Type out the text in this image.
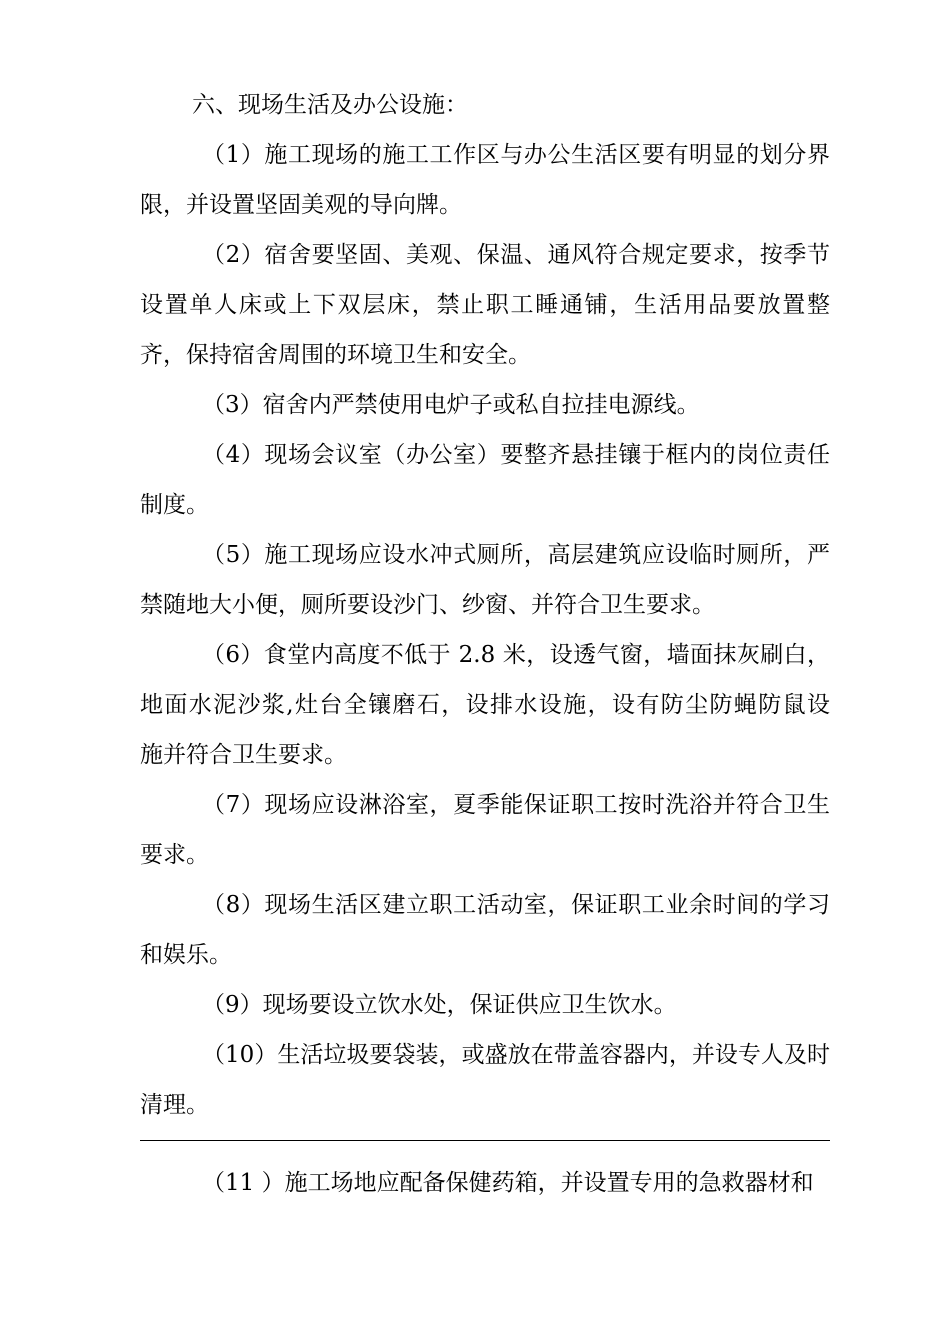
六、现场生活及办公设施：

（1）施工现场的施工工作区与办公生活区要有明显的划分界
限，并设置坚固美观的导向牌。

（2）宿舍要坚固、美观、保温、通风符合规定要求，按季节
设置单人床或上下双层床，禁止职工睡通铺，生活用品要放置整
齐，保持宿舍周围的环境卫生和安全。

（3）宿舍内严禁使用电炉子或私自拉挂电源线。

（4）现场会议室（办公室）要整齐悬挂镶于框内的岗位责任
制度。

（5）施工现场应设水冲式厕所，高层建筑应设临时厕所，严
禁随地大小便，厕所要设沙门、纱窗、并符合卫生要求。

（6）食堂内高度不低于 2.8 米，设透气窗，墙面抹灰刷白，
地面水泥沙浆,灶台全镶磨石，设排水设施，设有防尘防蝇防鼠设
施并符合卫生要求。

（7）现场应设淋浴室，夏季能保证职工按时洗浴并符合卫生
要求。

（8）现场生活区建立职工活动室，保证职工业余时间的学习
和娱乐。

（9）现场要设立饮水处，保证供应卫生饮水。

（10）生活垃圾要袋装，或盛放在带盖容器内，并设专人及时
清理。

（11 ）施工场地应配备保健药箱，并设置专用的急救器材和
